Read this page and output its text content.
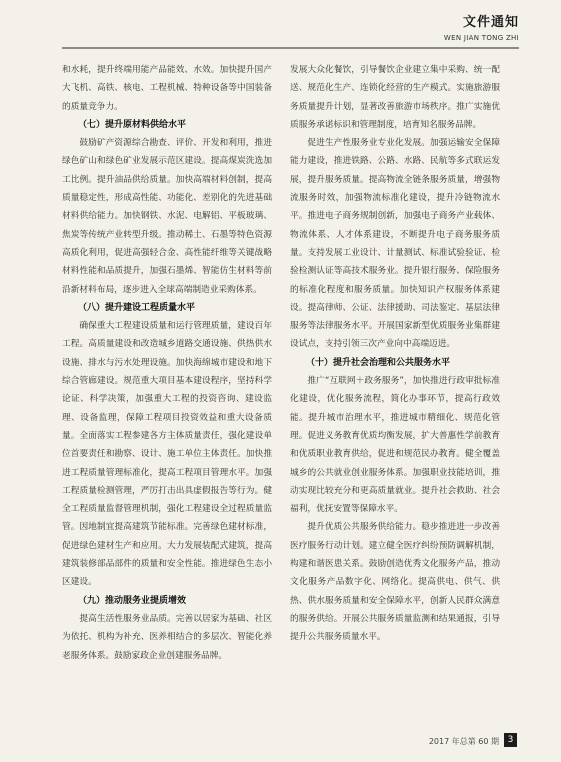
文件通知
WEN JIAN TONG ZHI

和水耗，提升终端用能产品能效、水效。加快提升国产大飞机、高铁、核电、工程机械、特种设备等中国装备的质量竞争力。

（七）提升原材料供给水平

鼓励矿产资源综合勘查、评价、开发和利用，推进绿色矿山和绿色矿业发展示范区建设。提高煤炭洗选加工比例。提升油品供给质量。加快高端材料创制，提高质量稳定性，形成高性能、功能化、差别化的先进基础材料供给能力。加快钢铁、水泥、电解铝、平板玻璃、焦炭等传统产业转型升级。推动稀土、石墨等特色资源高质化利用，促进高强轻合金、高性能纤维等关键战略材料性能和品质提升，加强石墨烯、智能仿生材料等前沿新材料布局，逐步进入全球高端制造业采购体系。

（八）提升建设工程质量水平

确保重大工程建设质量和运行管理质量，建设百年工程。高质量建设和改造城乡道路交通设施、供热供水设施、排水与污水处理设施。加快海绵城市建设和地下综合管廊建设。规范重大项目基本建设程序，坚持科学论证、科学决策，加强重大工程的投资咨询、建设监理、设备监理，保障工程项目投资效益和重大设备质量。全面落实工程参建各方主体质量责任，强化建设单位首要责任和勘察、设计、施工单位主体责任。加快推进工程质量管理标准化，提高工程项目管理水平。加强工程质量检测管理，严厉打击出具虚假报告等行为。健全工程质量监督管理机制，强化工程建设全过程质量监管。因地制宜提高建筑节能标准。完善绿色建材标准，促进绿色建材生产和应用。大力发展装配式建筑，提高建筑装修部品部件的质量和安全性能。推进绿色生态小区建设。

（九）推动服务业提质增效

提高生活性服务业品质。完善以居家为基础、社区为依托、机构为补充、医养相结合的多层次、智能化养老服务体系。鼓励家政企业创建服务品牌。

发展大众化餐饮，引导餐饮企业建立集中采购、统一配送、规范化生产、连锁化经营的生产模式。实施旅游服务质量提升计划，显著改善旅游市场秩序。推广实施优质服务承诺标识和管理制度，培育知名服务品牌。

促进生产性服务业专业化发展。加强运输安全保障能力建设，推进铁路、公路、水路、民航等多式联运发展，提升服务质量。提高物流全链条服务质量，增强物流服务时效，加强物流标准化建设，提升冷链物流水平。推进电子商务规制创新，加强电子商务产业载体、物流体系、人才体系建设，不断提升电子商务服务质量。支持发展工业设计、计量测试、标准试验验证、检验检测认证等高技术服务业。提升银行服务、保险服务的标准化程度和服务质量。加快知识产权服务体系建设。提高律师、公证、法律援助、司法鉴定、基层法律服务等法律服务水平。开展国家新型优质服务业集群建设试点，支持引领三次产业向中高端迈进。

（十）提升社会治理和公共服务水平

推广“互联网＋政务服务”，加快推进行政审批标准化建设，优化服务流程，简化办事环节，提高行政效能。提升城市治理水平，推进城市精细化、规范化管理。促进义务教育优质均衡发展，扩大普惠性学前教育和优质职业教育供给，促进和规范民办教育。健全覆盖城乡的公共就业创业服务体系。加强职业技能培训，推动实现比较充分和更高质量就业。提升社会救助、社会福利，优抚安置等保障水平。

提升优质公共服务供给能力。稳步推进进一步改善医疗服务行动计划。建立健全医疗纠纷预防调解机制，构建和谐医患关系。鼓励创造优秀文化服务产品，推动文化服务产品数字化、网络化。提高供电、供气、供热、供水服务质量和安全保障水平，创新人民群众满意的服务供给。开展公共服务质量监测和结果通报，引导提升公共服务质量水平。

2017 年总第 60 期 3
